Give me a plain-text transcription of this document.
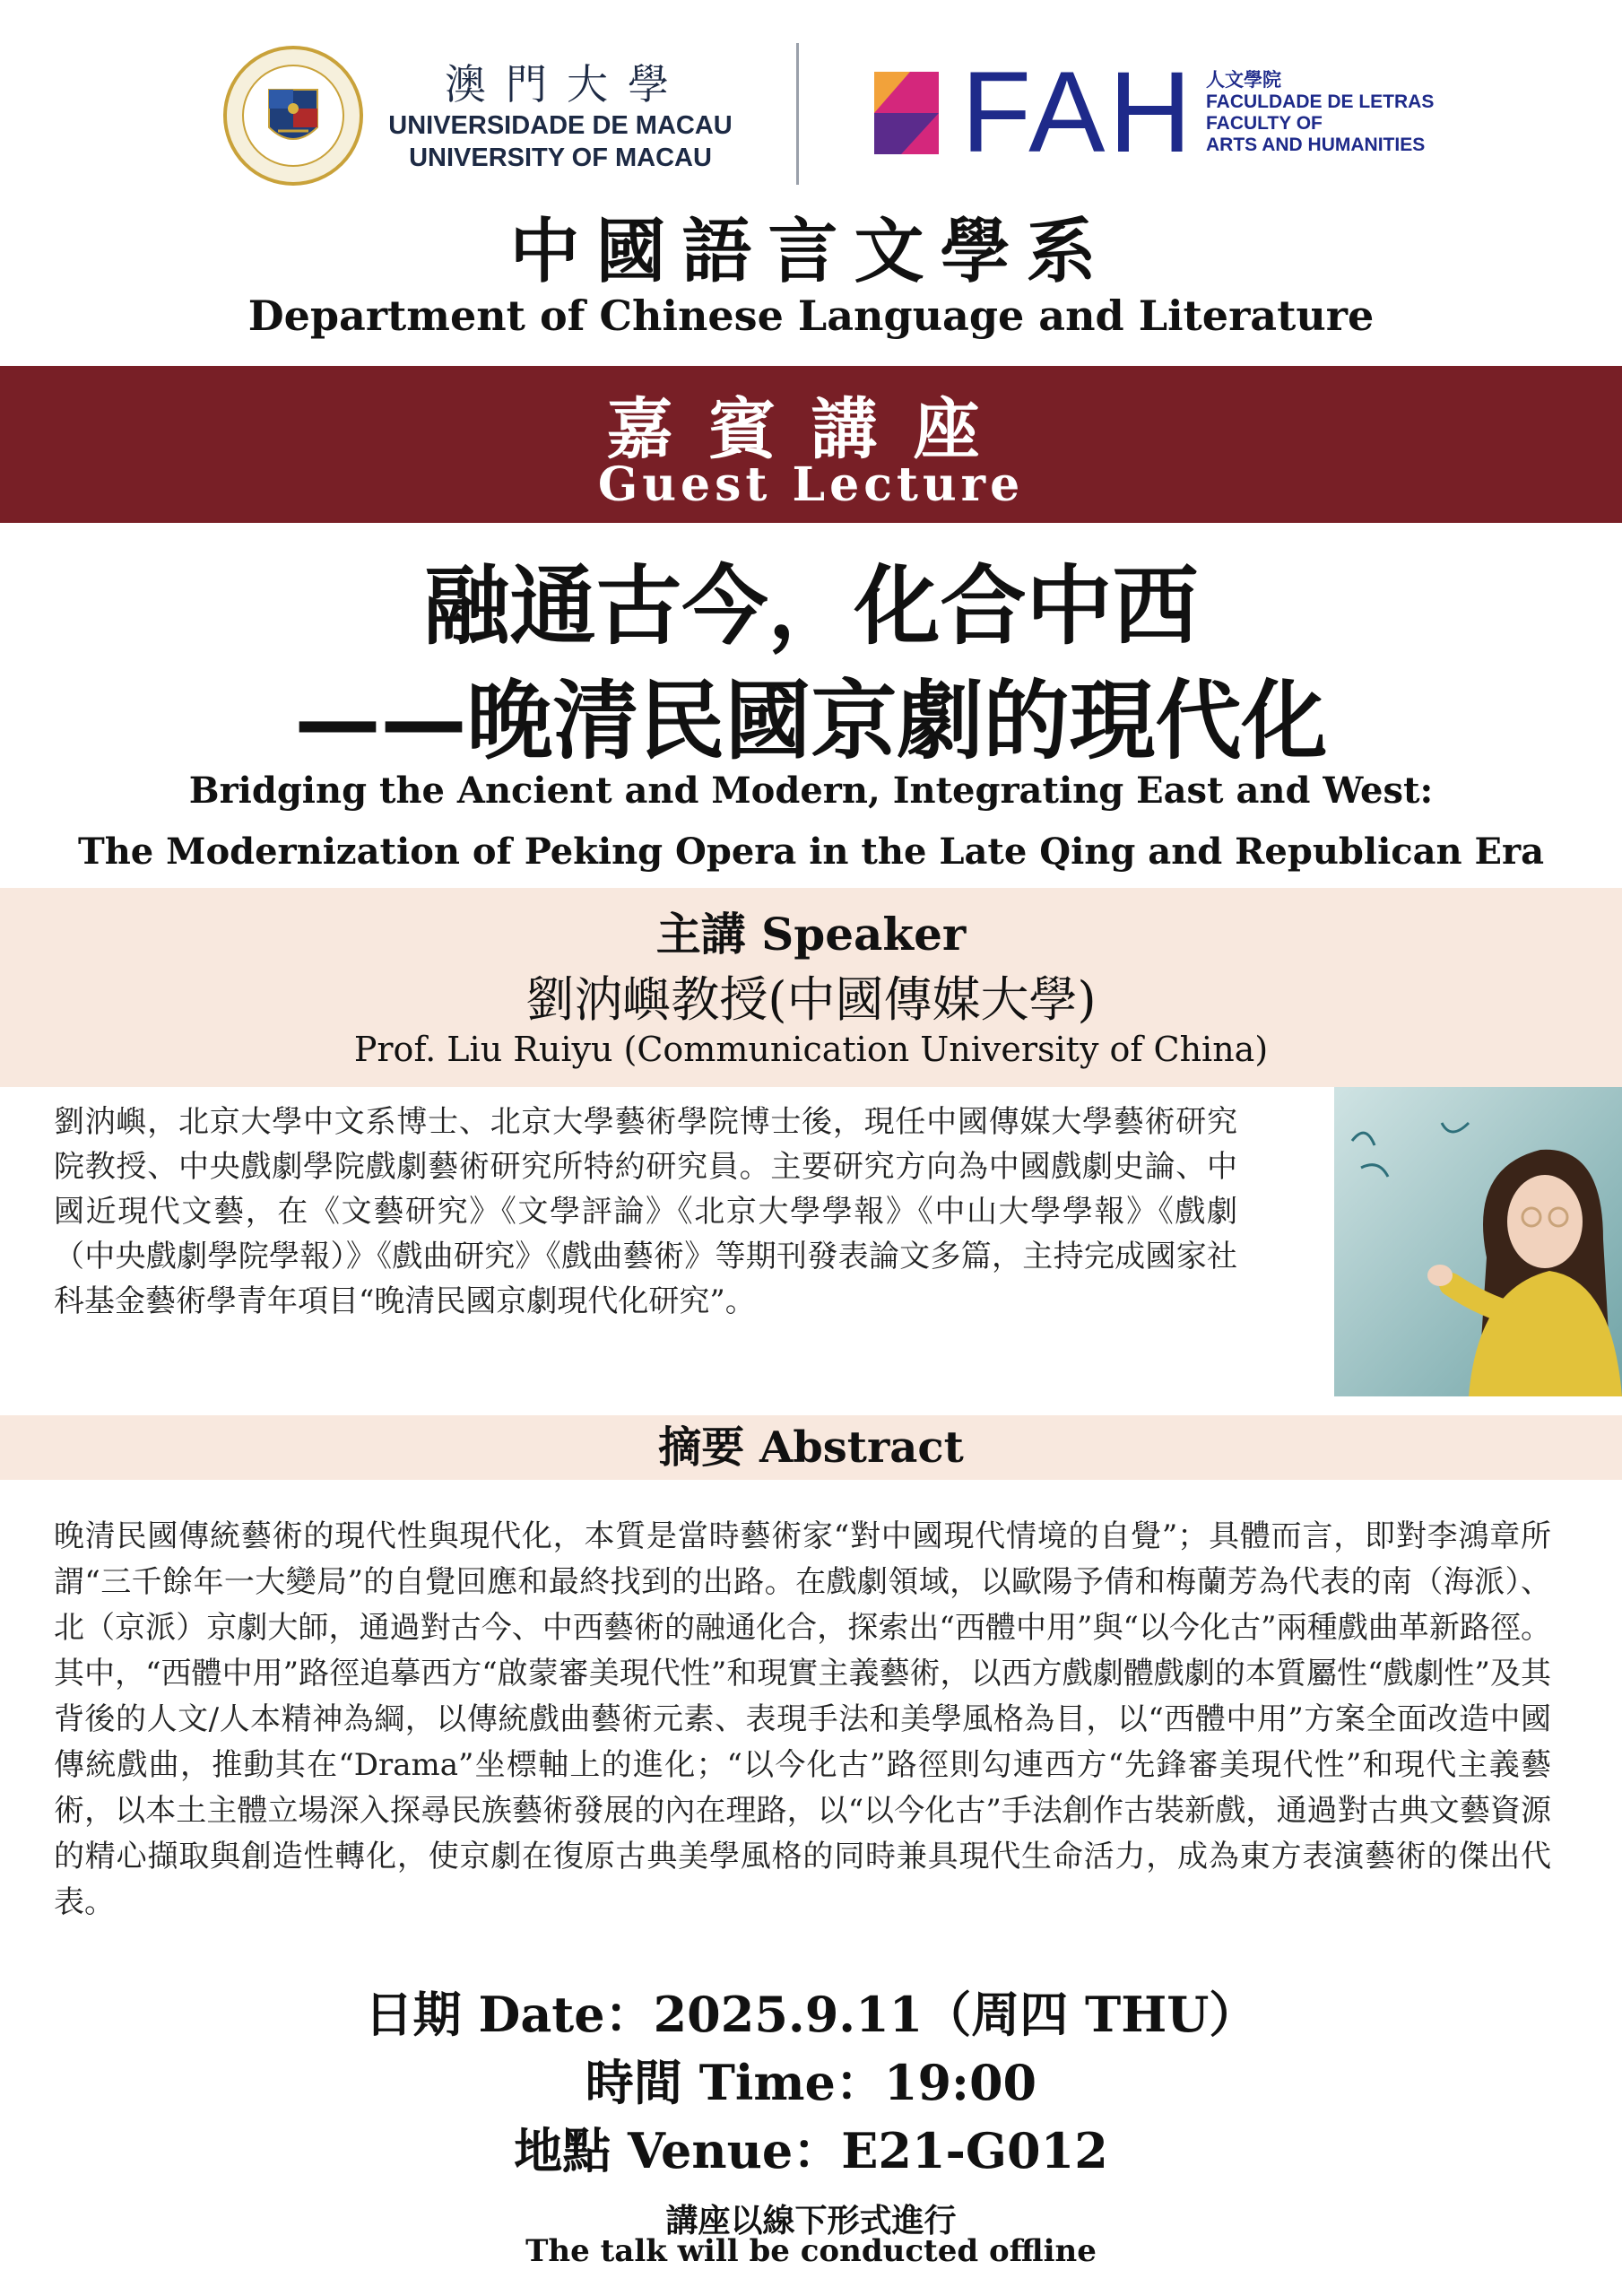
澳門大學
UNIVERSIDADE DE MACAU
UNIVERSITY OF MACAU FAH 人文學院
FACULDADE DE LETRAS
FACULTY OF
ARTS AND HUMANITIES
中國語言文學系
Department of Chinese Language and Literature
嘉賓講座
Guest Lecture
融通古今，化合中西
——晚清民國京劇的現代化
Bridging the Ancient and Modern, Integrating East and West:
The Modernization of Peking Opera in the Late Qing and Republican Era
主講 Speaker
劉汭嶼教授(中國傳媒大學)
Prof. Liu Ruiyu (Communication University of China)
劉汭嶼，北京大學中文系博士、北京大學藝術學院博士後，現任中國傳媒大學藝術研究院教授、中央戲劇學院戲劇藝術研究所特約研究員。主要研究方向為中國戲劇史論、中國近現代文藝，在《文藝研究》《文學評論》《北京大學學報》《中山大學學報》《戲劇（中央戲劇學院學報）》《戲曲研究》《戲曲藝術》等期刊發表論文多篇，主持完成國家社科基金藝術學青年項目“晚清民國京劇現代化研究”。
摘要 Abstract
晚清民國傳統藝術的現代性與現代化，本質是當時藝術家“對中國現代情境的自覺”；具體而言，即對李鴻章所謂“三千餘年一大變局”的自覺回應和最終找到的出路。在戲劇領域，以歐陽予倩和梅蘭芳為代表的南（海派）、北（京派）京劇大師，通過對古今、中西藝術的融通化合，探索出“西體中用”與“以今化古”兩種戲曲革新路徑。其中，“西體中用”路徑追摹西方“啟蒙審美現代性”和現實主義藝術，以西方戲劇體戲劇的本質屬性“戲劇性”及其背後的人文/人本精神為綱，以傳統戲曲藝術元素、表現手法和美學風格為目，以“西體中用”方案全面改造中國傳統戲曲，推動其在“Drama”坐標軸上的進化；“以今化古”路徑則勾連西方“先鋒審美現代性”和現代主義藝術，以本土主體立場深入探尋民族藝術發展的內在理路，以“以今化古”手法創作古裝新戲，通過對古典文藝資源的精心擷取與創造性轉化，使京劇在復原古典美學風格的同時兼具現代生命活力，成為東方表演藝術的傑出代表。
日期 Date：2025.9.11（周四 THU）
時間 Time：19:00
地點 Venue：E21-G012
講座以線下形式進行
The talk will be conducted offline
